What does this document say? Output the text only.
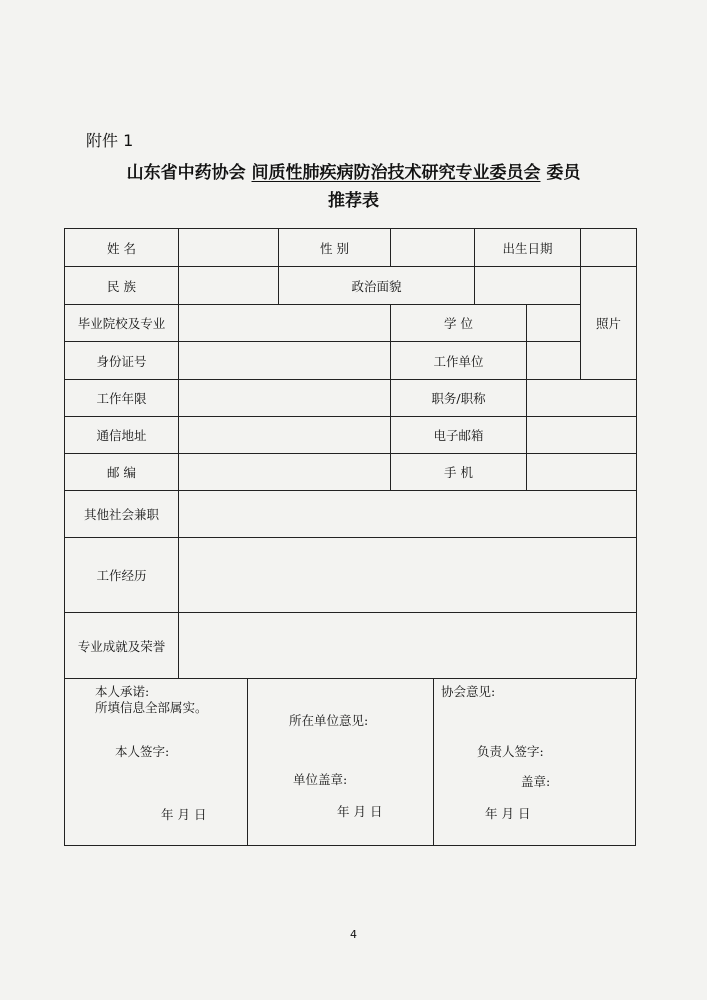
附件 1
山东省中药协会 间质性肺疾病防治技术研究专业委员会 委员
推荐表
姓 名		性 别		出生日期		
民 族		政治面貌				照片
毕业院校及专业			学 位			
身份证号			工作单位			
工作年限			职务/职称			
通信地址			电子邮箱			
邮 编			手 机			
其他社会兼职						
工作经历						
专业成就及荣誉						
本人承诺:
所填信息全部属实。
本人签字:
年 月 日
所在单位意见:
单位盖章:
年 月 日
协会意见:
负责人签字:
盖章:
年 月 日
4
